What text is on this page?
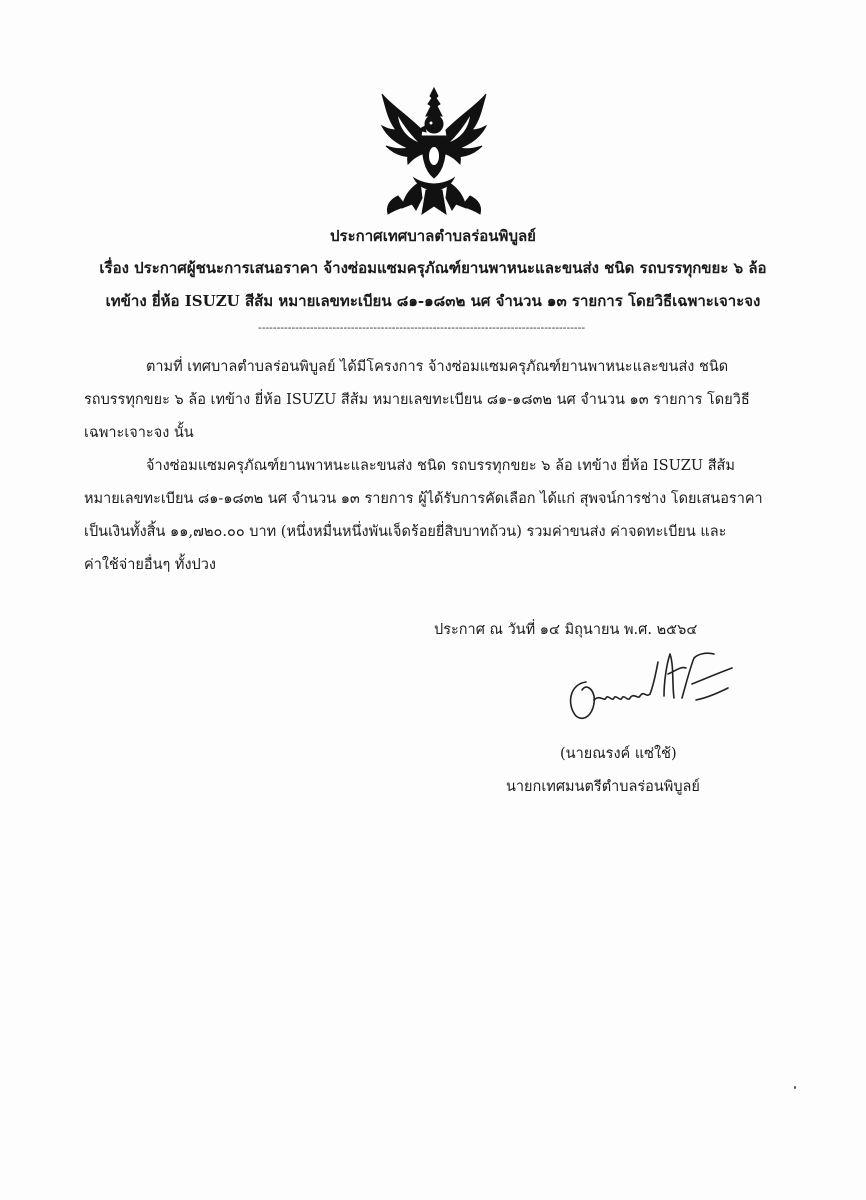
ประกาศเทศบาลตำบลร่อนพิบูลย์
เรื่อง ประกาศผู้ชนะการเสนอราคา จ้างซ่อมแซมครุภัณฑ์ยานพาหนะและขนส่ง ชนิด รถบรรทุกขยะ ๖ ล้อ
เทข้าง ยี่ห้อ ISUZU สีส้ม หมายเลขทะเบียน ๘๑-๑๘๓๒ นศ จำนวน ๑๓ รายการ โดยวิธีเฉพาะเจาะจง
----------------------------------------------------------------------------------------
ตามที่ เทศบาลตำบลร่อนพิบูลย์ ได้มีโครงการ จ้างซ่อมแซมครุภัณฑ์ยานพาหนะและขนส่ง ชนิด
รถบรรทุกขยะ ๖ ล้อ เทข้าง ยี่ห้อ ISUZU สีส้ม หมายเลขทะเบียน ๘๑-๑๘๓๒ นศ จำนวน ๑๓ รายการ โดยวิธี
เฉพาะเจาะจง นั้น
จ้างซ่อมแซมครุภัณฑ์ยานพาหนะและขนส่ง ชนิด รถบรรทุกขยะ ๖ ล้อ เทข้าง ยี่ห้อ ISUZU สีส้ม
หมายเลขทะเบียน ๘๑-๑๘๓๒ นศ จำนวน ๑๓ รายการ ผู้ได้รับการคัดเลือก ได้แก่ สุพจน์การช่าง โดยเสนอราคา
เป็นเงินทั้งสิ้น ๑๑,๗๒๐.๐๐ บาท (หนึ่งหมื่นหนึ่งพันเจ็ดร้อยยี่สิบบาทถ้วน) รวมค่าขนส่ง ค่าจดทะเบียน และ
ค่าใช้จ่ายอื่นๆ ทั้งปวง
ประกาศ ณ วันที่ ๑๔ มิถุนายน พ.ศ. ๒๕๖๔
(นายณรงค์ แซ่ใช้)
นายกเทศมนตรีตำบลร่อนพิบูลย์
